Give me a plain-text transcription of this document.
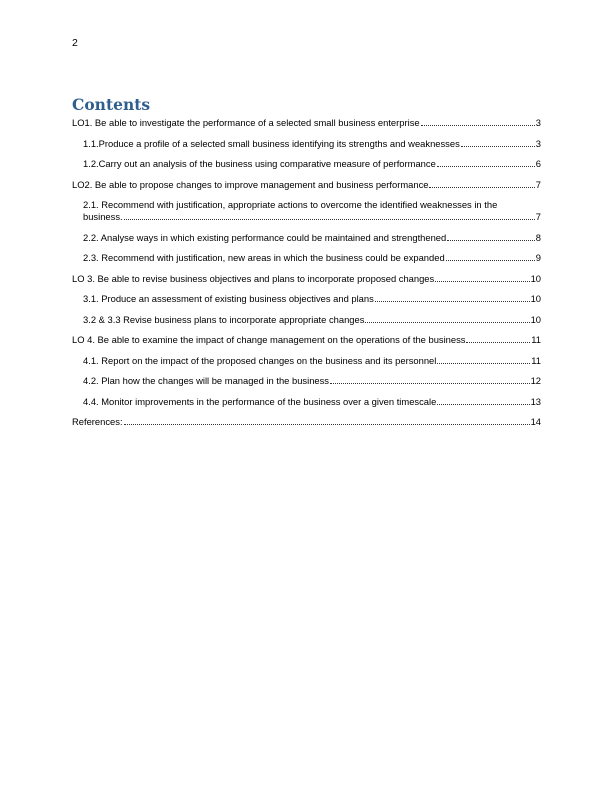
2
Contents
LO1. Be able to investigate the performance of a selected small business enterprise	3
1.1.Produce a profile of a selected small business identifying its strengths and weaknesses	3
1.2.Carry out an analysis of the business using comparative measure of performance	6
LO2. Be able to propose changes to improve management and business performance	7
2.1. Recommend with justification, appropriate actions to overcome the identified weaknesses in the
business.	7
2.2. Analyse ways in which existing performance could be maintained and strengthened	8
2.3. Recommend with justification, new areas in which the business could be expanded	9
LO 3. Be able to revise business objectives and plans to incorporate proposed changes	10
3.1. Produce an assessment of existing business objectives and plans	10
3.2 & 3.3 Revise business plans to incorporate appropriate changes	10
LO 4. Be able to examine the impact of change management on the operations of the business	11
4.1. Report on the impact of the proposed changes on the business and its personnel	11
4.2. Plan how the changes will be managed in the business	12
4.4. Monitor improvements in the performance of the business over a given timescale	13
References:	14
